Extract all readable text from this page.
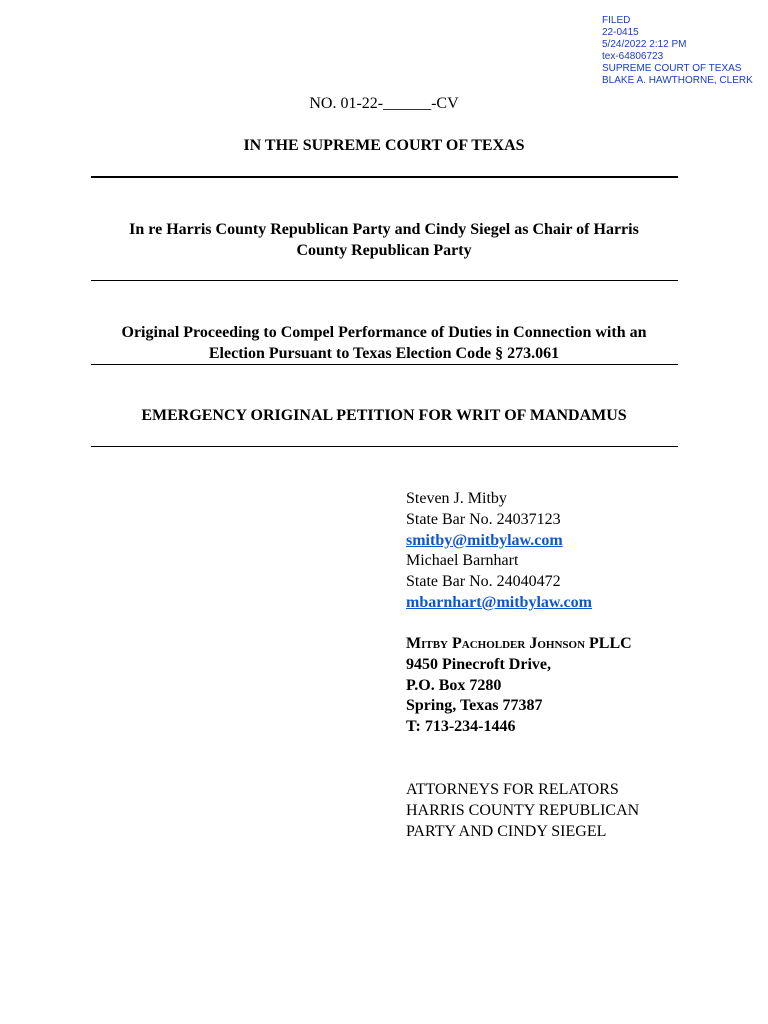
FILED
22-0415
5/24/2022 2:12 PM
tex-64806723
SUPREME COURT OF TEXAS
BLAKE A. HAWTHORNE, CLERK
NO. 01-22-______-CV
IN THE SUPREME COURT OF TEXAS
In re Harris County Republican Party and Cindy Siegel as Chair of Harris
County Republican Party
Original Proceeding to Compel Performance of Duties in Connection with an
Election Pursuant to Texas Election Code § 273.061
EMERGENCY ORIGINAL PETITION FOR WRIT OF MANDAMUS
Steven J. Mitby
State Bar No. 24037123
smitby@mitbylaw.com
Michael Barnhart
State Bar No. 24040472
mbarnhart@mitbylaw.com
Mitby Pacholder Johnson PLLC
9450 Pinecroft Drive,
P.O. Box 7280
Spring, Texas 77387
T: 713-234-1446
ATTORNEYS FOR RELATORS
HARRIS COUNTY REPUBLICAN
PARTY AND CINDY SIEGEL
